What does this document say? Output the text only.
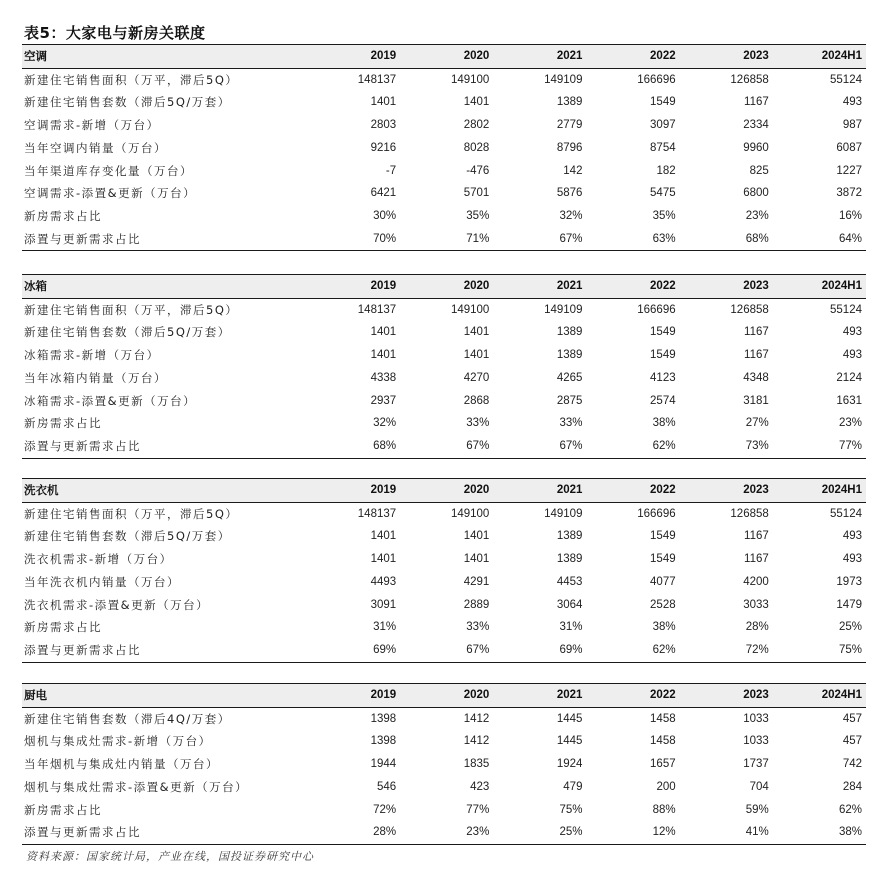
表5：大家电与新房关联度
空调	2019	2020	2021	2022	2023	2024H1
新建住宅销售面积（万平，滞后5Q）	148137	149100	149109	166696	126858	55124
新建住宅销售套数（滞后5Q/万套）	1401	1401	1389	1549	1167	493
空调需求-新增（万台）	2803	2802	2779	3097	2334	987
当年空调内销量（万台）	9216	8028	8796	8754	9960	6087
当年渠道库存变化量（万台）	-7	-476	142	182	825	1227
空调需求-添置&更新（万台）	6421	5701	5876	5475	6800	3872
新房需求占比	30%	35%	32%	35%	23%	16%
添置与更新需求占比	70%	71%	67%	63%	68%	64%
冰箱	2019	2020	2021	2022	2023	2024H1
新建住宅销售面积（万平，滞后5Q）	148137	149100	149109	166696	126858	55124
新建住宅销售套数（滞后5Q/万套）	1401	1401	1389	1549	1167	493
冰箱需求-新增（万台）	1401	1401	1389	1549	1167	493
当年冰箱内销量（万台）	4338	4270	4265	4123	4348	2124
冰箱需求-添置&更新（万台）	2937	2868	2875	2574	3181	1631
新房需求占比	32%	33%	33%	38%	27%	23%
添置与更新需求占比	68%	67%	67%	62%	73%	77%
洗衣机	2019	2020	2021	2022	2023	2024H1
新建住宅销售面积（万平，滞后5Q）	148137	149100	149109	166696	126858	55124
新建住宅销售套数（滞后5Q/万套）	1401	1401	1389	1549	1167	493
洗衣机需求-新增（万台）	1401	1401	1389	1549	1167	493
当年洗衣机内销量（万台）	4493	4291	4453	4077	4200	1973
洗衣机需求-添置&更新（万台）	3091	2889	3064	2528	3033	1479
新房需求占比	31%	33%	31%	38%	28%	25%
添置与更新需求占比	69%	67%	69%	62%	72%	75%
厨电	2019	2020	2021	2022	2023	2024H1
新建住宅销售套数（滞后4Q/万套）	1398	1412	1445	1458	1033	457
烟机与集成灶需求-新增（万台）	1398	1412	1445	1458	1033	457
当年烟机与集成灶内销量（万台）	1944	1835	1924	1657	1737	742
烟机与集成灶需求-添置&更新（万台）	546	423	479	200	704	284
新房需求占比	72%	77%	75%	88%	59%	62%
添置与更新需求占比	28%	23%	25%	12%	41%	38%
资料来源：国家统计局，产业在线，国投证券研究中心
